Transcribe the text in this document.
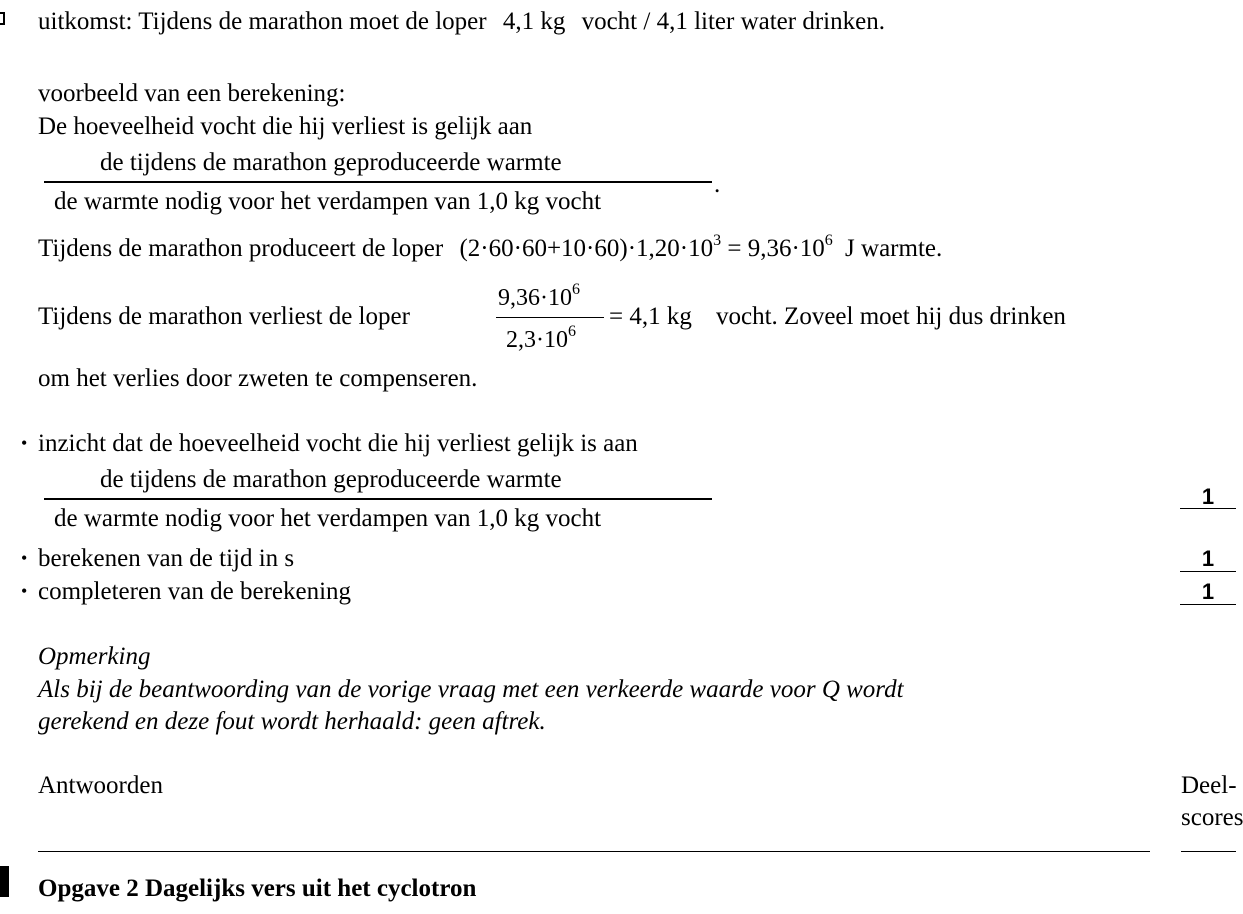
uitkomst: Tijdens de marathon moet de loper 4,1 kg vocht / 4,1 liter water drinken.
voorbeeld van een berekening:
De hoeveelheid vocht die hij verliest is gelijk aan
de tijdens de marathon geproduceerde warmte
de warmte nodig voor het verdampen van 1,0 kg vocht
.
Tijdens de marathon produceert de loper $(2\cdot 60\cdot 60+10\cdot 60)\cdot 1,20\cdot 10^3 = 9,36\cdot 10^6$ J warmte.
Tijdens de marathon verliest de loper
$9,36\cdot 10^6$
$2,3\cdot 10^6$
= 4,1 kg vocht. Zoveel moet hij dus drinken
om het verlies door zweten te compenseren.
• inzicht dat de hoeveelheid vocht die hij verliest gelijk is aan
de tijdens de marathon geproduceerde warmte
de warmte nodig voor het verdampen van 1,0 kg vocht
• berekenen van de tijd in s
• completeren van de berekening
1
1
1
Opmerking
Als bij de beantwoording van de vorige vraag met een verkeerde waarde voor Q wordt
gerekend en deze fout wordt herhaald: geen aftrek.
Antwoorden	Deel-
scores
Opgave 2 Dagelijks vers uit het cyclotron
